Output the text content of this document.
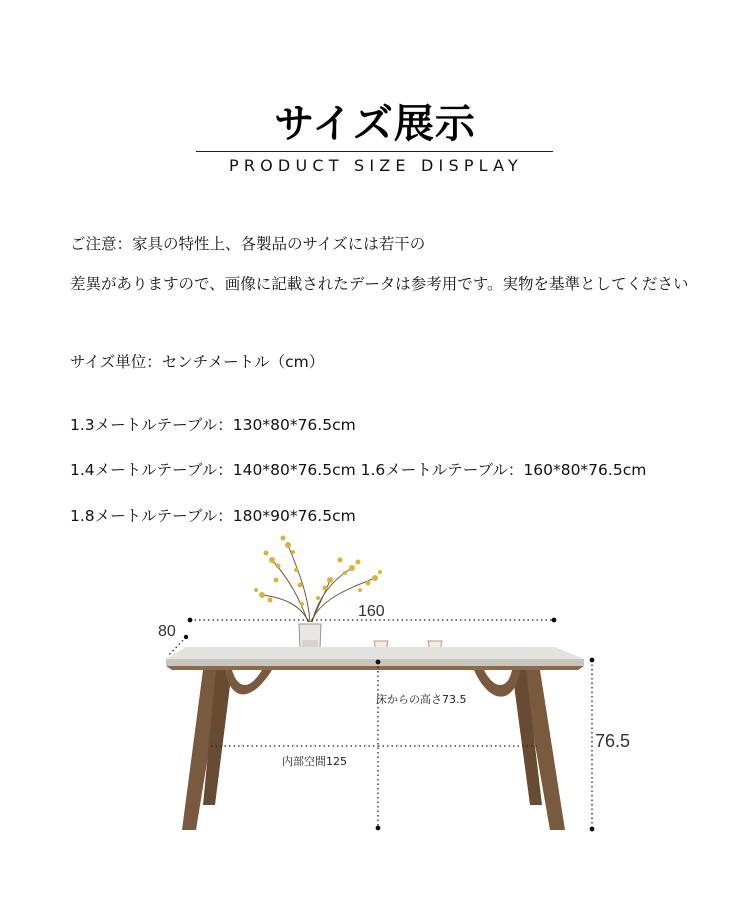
サイズ展示
PRODUCT SIZE DISPLAY
ご注意：家具の特性上、各製品のサイズには若干の
差異がありますので、画像に記載されたデータは参考用です。実物を基準としてください
サイズ単位：センチメートル（cm）
1.3メートルテーブル：130*80*76.5cm
1.4メートルテーブル：140*80*76.5cm 1.6メートルテーブル：160*80*76.5cm
1.8メートルテーブル：180*90*76.5cm
160
80
76.5
床からの高さ73.5
内部空間125
